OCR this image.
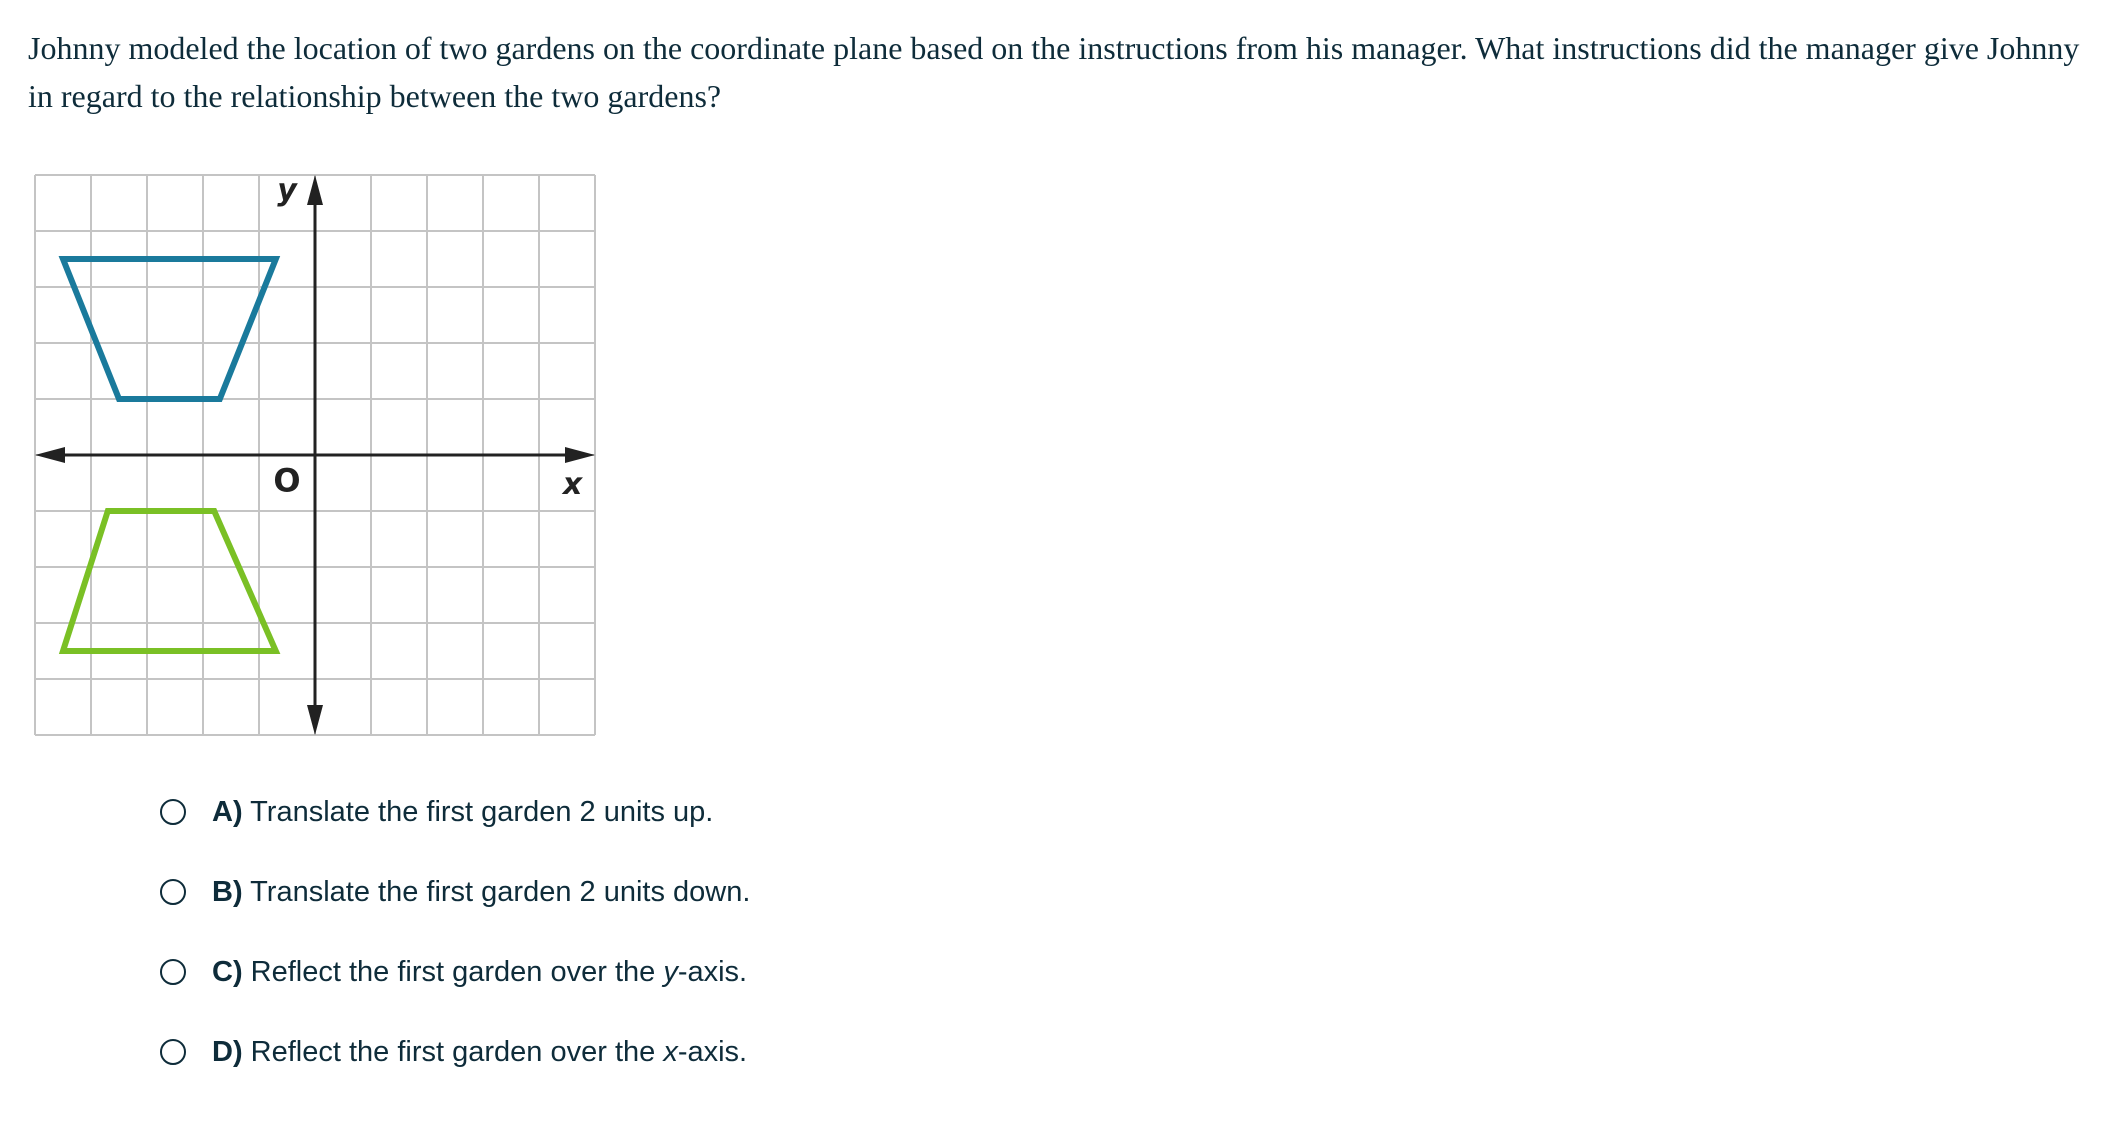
Johnny modeled the location of two gardens on the coordinate plane based on the instructions from his manager. What instructions did the manager give Johnny in regard to the relationship between the two gardens?

y
x
O
A) Translate the first garden 2 units up.
B) Translate the first garden 2 units down.
C) Reflect the first garden over the y-axis.
D) Reflect the first garden over the x-axis.
